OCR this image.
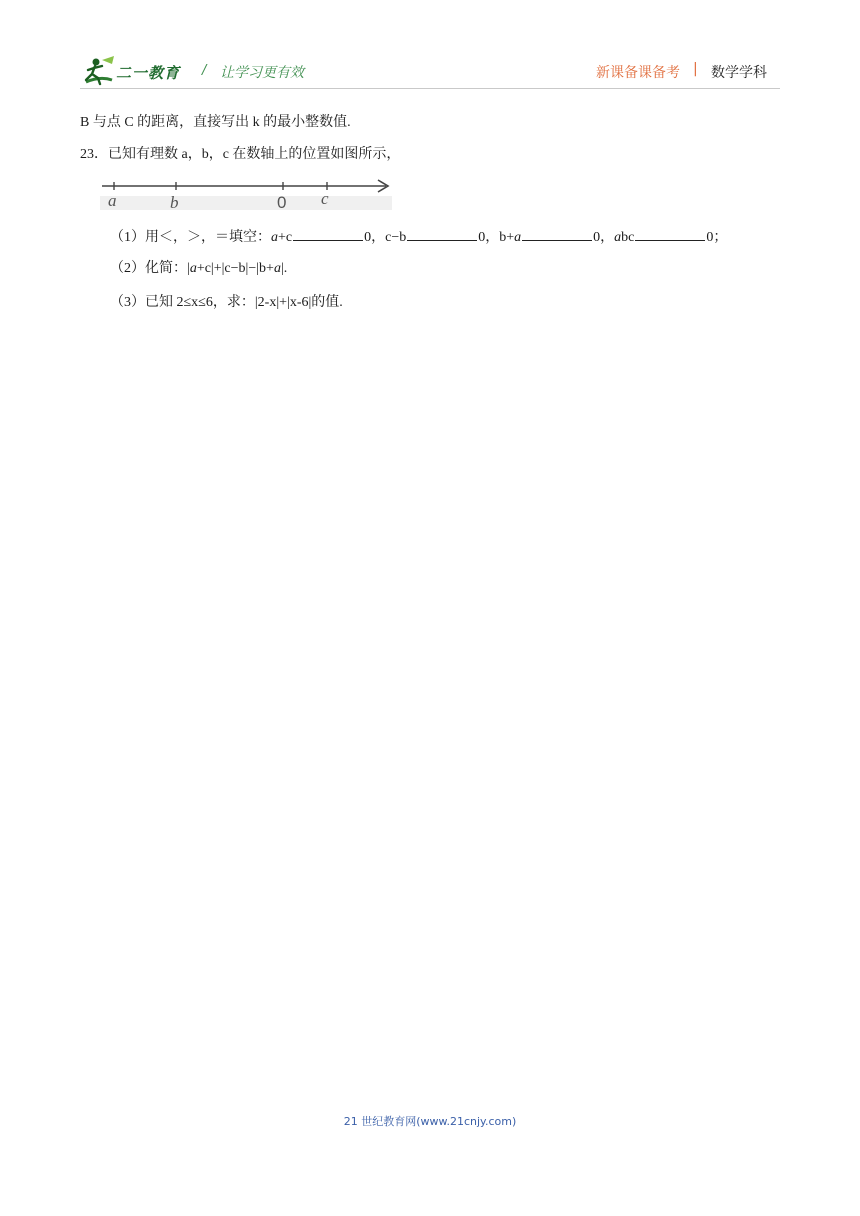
二一教育 / 让学习更有效	新课备课备考 | 数学学科
B 与点 C 的距离，直接写出 k 的最小整数值.
23．已知有理数 a，b，c 在数轴上的位置如图所示，
a	b	0 c
（1）用＜，＞，＝填空：a+c	0，c−b	0，b+a	0，abc	0；
（2）化简：|a+c|+|c−b|−|b+a|.
（3）已知 2≤x≤6，求：|2-x|+|x-6|的值.
21 世纪教育网(www.21cnjy.com)
